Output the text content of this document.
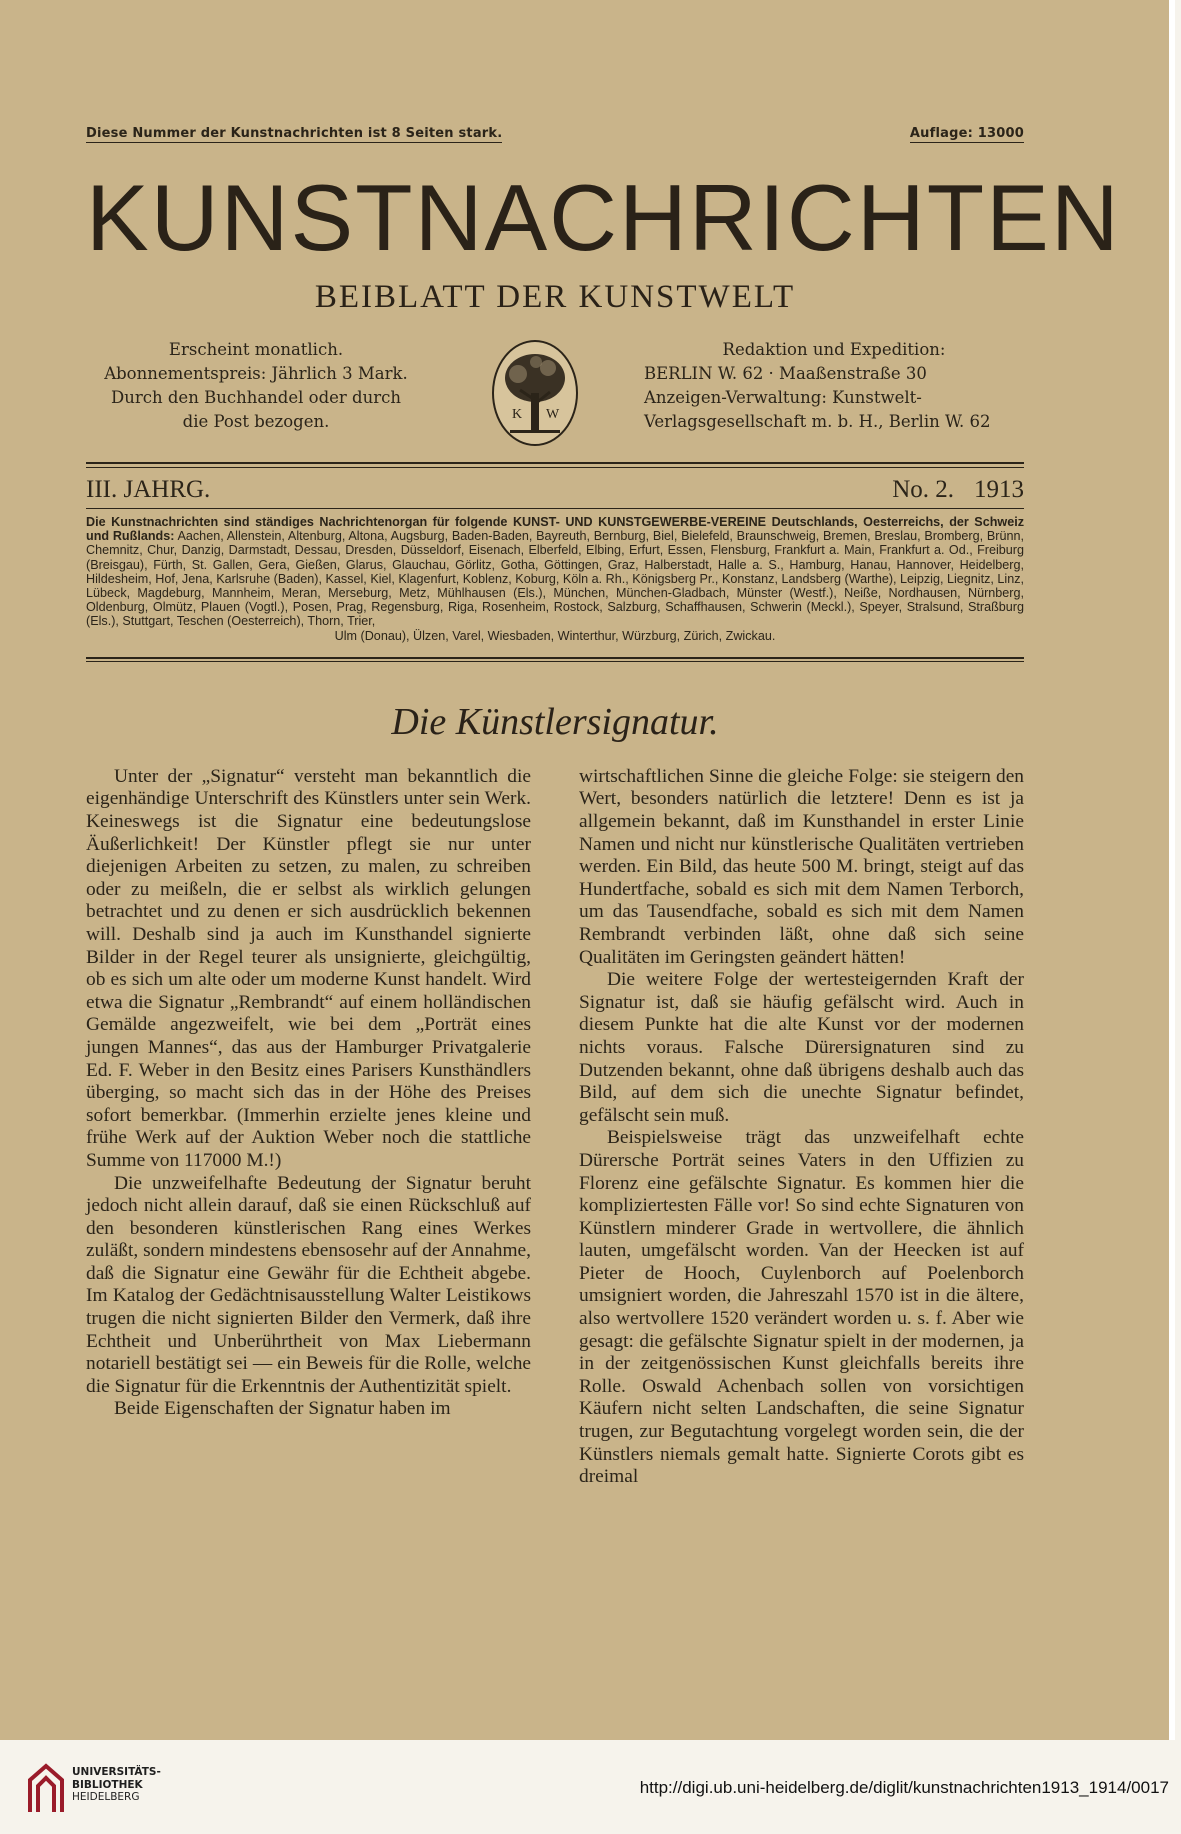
Diese Nummer der Kunstnachrichten ist 8 Seiten stark.	Auflage: 13000
KUNSTNACHRICHTEN
BEIBLATT DER KUNSTWELT
Erscheint monatlich.
Abonnementspreis: Jährlich 3 Mark.
Durch den Buchhandel oder durch
die Post bezogen.	K W
Redaktion und Expedition:
BERLIN W. 62 · Maaßenstraße 30
Anzeigen-Verwaltung: Kunstwelt-
Verlagsgesellschaft m. b. H., Berlin W. 62
III. JAHRG.	No. 2. 1913
Die Kunstnachrichten sind ständiges Nachrichtenorgan für folgende KUNST- UND KUNSTGEWERBE-VEREINE Deutschlands, Oesterreichs, der Schweiz und Rußlands: Aachen, Allenstein, Altenburg, Altona, Augsburg, Baden-Baden, Bayreuth, Bernburg, Biel, Bielefeld, Braunschweig, Bremen, Breslau, Bromberg, Brünn, Chemnitz, Chur, Danzig, Darmstadt, Dessau, Dresden, Düsseldorf, Eisenach, Elberfeld, Elbing, Erfurt, Essen, Flensburg, Frankfurt a. Main, Frankfurt a. Od., Freiburg (Breisgau), Fürth, St. Gallen, Gera, Gießen, Glarus, Glauchau, Görlitz, Gotha, Göttingen, Graz, Halberstadt, Halle a. S., Hamburg, Hanau, Hannover, Heidelberg, Hildesheim, Hof, Jena, Karlsruhe (Baden), Kassel, Kiel, Klagenfurt, Koblenz, Koburg, Köln a. Rh., Königsberg Pr., Konstanz, Landsberg (Warthe), Leipzig, Liegnitz, Linz, Lübeck, Magdeburg, Mannheim, Meran, Merseburg, Metz, Mühlhausen (Els.), München, München-Gladbach, Münster (Westf.), Neiße, Nordhausen, Nürnberg, Oldenburg, Olmütz, Plauen (Vogtl.), Posen, Prag, Regensburg, Riga, Rosenheim, Rostock, Salzburg, Schaffhausen, Schwerin (Meckl.), Speyer, Stralsund, Straßburg (Els.), Stuttgart, Teschen (Oesterreich), Thorn, Trier,
Ulm (Donau), Ülzen, Varel, Wiesbaden, Winterthur, Würzburg, Zürich, Zwickau.
Die Künstlersignatur.

Unter der „Signatur“ versteht man bekanntlich die eigenhändige Unterschrift des Künstlers unter sein Werk. Keineswegs ist die Signatur eine bedeutungslose Äußerlichkeit! Der Künstler pflegt sie nur unter diejenigen Arbeiten zu setzen, zu malen, zu schreiben oder zu meißeln, die er selbst als wirklich gelungen betrachtet und zu denen er sich ausdrücklich bekennen will. Deshalb sind ja auch im Kunsthandel signierte Bilder in der Regel teurer als unsignierte, gleichgültig, ob es sich um alte oder um moderne Kunst handelt. Wird etwa die Signatur „Rembrandt“ auf einem holländischen Gemälde angezweifelt, wie bei dem „Porträt eines jungen Mannes“, das aus der Hamburger Privatgalerie Ed. F. Weber in den Besitz eines Parisers Kunsthändlers überging, so macht sich das in der Höhe des Preises sofort bemerkbar. (Immerhin erzielte jenes kleine und frühe Werk auf der Auktion Weber noch die stattliche Summe von 117000 M.!)

Die unzweifelhafte Bedeutung der Signatur beruht jedoch nicht allein darauf, daß sie einen Rückschluß auf den besonderen künstlerischen Rang eines Werkes zuläßt, sondern mindestens ebensosehr auf der Annahme, daß die Signatur eine Gewähr für die Echtheit abgebe. Im Katalog der Gedächtnisausstellung Walter Leistikows trugen die nicht signierten Bilder den Vermerk, daß ihre Echtheit und Unberührtheit von Max Liebermann notariell bestätigt sei — ein Beweis für die Rolle, welche die Signatur für die Erkenntnis der Authentizität spielt.

Beide Eigenschaften der Signatur haben im

wirtschaftlichen Sinne die gleiche Folge: sie steigern den Wert, besonders natürlich die letztere! Denn es ist ja allgemein bekannt, daß im Kunsthandel in erster Linie Namen und nicht nur künstlerische Qualitäten vertrieben werden. Ein Bild, das heute 500 M. bringt, steigt auf das Hundertfache, sobald es sich mit dem Namen Terborch, um das Tausendfache, sobald es sich mit dem Namen Rembrandt verbinden läßt, ohne daß sich seine Qualitäten im Geringsten geändert hätten!

Die weitere Folge der wertesteigernden Kraft der Signatur ist, daß sie häufig gefälscht wird. Auch in diesem Punkte hat die alte Kunst vor der modernen nichts voraus. Falsche Dürersignaturen sind zu Dutzenden bekannt, ohne daß übrigens deshalb auch das Bild, auf dem sich die unechte Signatur befindet, gefälscht sein muß.

Beispielsweise trägt das unzweifelhaft echte Dürersche Porträt seines Vaters in den Uffizien zu Florenz eine gefälschte Signatur. Es kommen hier die kompliziertesten Fälle vor! So sind echte Signaturen von Künstlern minderer Grade in wertvollere, die ähnlich lauten, umgefälscht worden. Van der Heecken ist auf Pieter de Hooch, Cuylenborch auf Poelenborch umsigniert worden, die Jahreszahl 1570 ist in die ältere, also wertvollere 1520 verändert worden u. s. f. Aber wie gesagt: die gefälschte Signatur spielt in der modernen, ja in der zeitgenössischen Kunst gleichfalls bereits ihre Rolle. Oswald Achenbach sollen von vorsichtigen Käufern nicht selten Landschaften, die seine Signatur trugen, zur Begutachtung vorgelegt worden sein, die der Künstlers niemals gemalt hatte. Signierte Corots gibt es dreimal

UNIVERSITÄTS-
BIBLIOTHEK
HEIDELBERG	http://digi.ub.uni-heidelberg.de/diglit/kunstnachrichten1913_1914/0017
